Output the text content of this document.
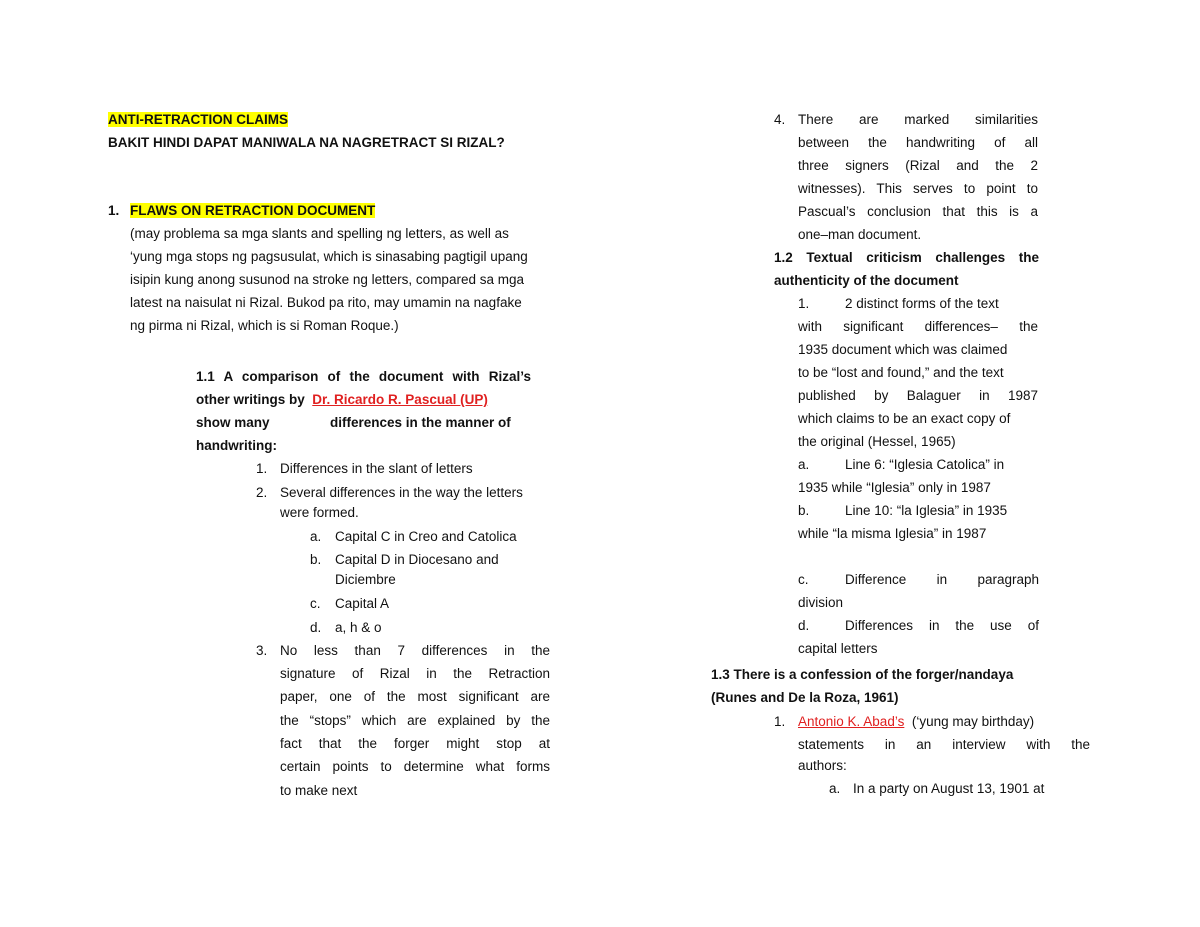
ANTI-RETRACTION CLAIMS
BAKIT HINDI DAPAT MANIWALA NA NAGRETRACT SI RIZAL?
1. FLAWS ON RETRACTION DOCUMENT
(may problema sa mga slants and spelling ng letters, as well as
‘yung mga stops ng pagsusulat, which is sinasabing pagtigil upang
isipin kung anong susunod na stroke ng letters, compared sa mga
latest na naisulat ni Rizal. Bukod pa rito, may umamin na nagfake
ng pirma ni Rizal, which is si Roman Roque.)
1.1 A comparison of the document with Rizal’s
other writings by Dr. Ricardo R. Pascual (UP)
show many	differences in the manner of
handwriting:
1. Differences in the slant of letters
2. Several differences in the way the letters
were formed.
a. Capital C in Creo and Catolica
b. Capital D in Diocesano and
Diciembre
c. Capital A
d. a, h & o
3. No less than 7 differences in the
signature of Rizal in the Retraction
paper, one of the most significant are
the “stops” which are explained by the
fact that the forger might stop at
certain points to determine what forms
to make next
4. There are marked similarities
between the handwriting of all
three signers (Rizal and the 2
witnesses). This serves to point to
Pascual’s conclusion that this is a
one–man document.
1.2 Textual criticism challenges the
authenticity of the document
1.	2 distinct forms of the text
with significant differences– the
1935 document which was claimed
to be “lost and found,” and the text
published by Balaguer in 1987
which claims to be an exact copy of
the original (Hessel, 1965)
a.	Line 6: “Iglesia Catolica” in
1935 while “Iglesia” only in 1987
b.	Line 10: “la Iglesia” in 1935
while “la misma Iglesia” in 1987
c.	Difference in paragraph
division
d.	Differences in the use of
capital letters
1.3 There is a confession of the forger/nandaya
(Runes and De la Roza, 1961)
1. Antonio K. Abad’s (‘yung may birthday)
statements in an interview with the
authors:
a. In a party on August 13, 1901 at
